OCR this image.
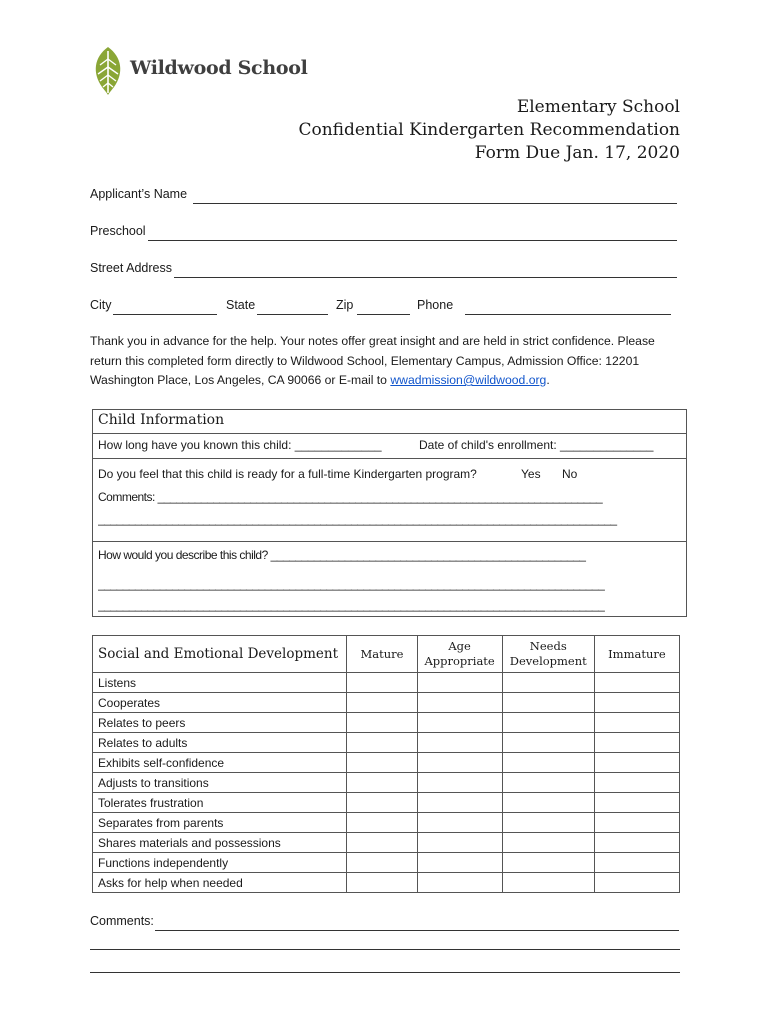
Wildwood School
Elementary School
Confidential Kindergarten Recommendation
Form Due Jan. 17, 2020
Applicant’s Name
Preschool
Street Address
City	State	Zip	Phone
Thank you in advance for the help. Your notes offer great insight and are held in strict confidence. Please return this completed form directly to Wildwood School, Elementary Campus, Admission Office: 12201 Washington Place, Los Angeles, CA 90066 or E-mail to wwadmission@wildwood.org.
Child Information
How long have you known this child: _____________	Date of child's enrollment: ______________
Do you feel that this child is ready for a full-time Kindergarten program?	Yes No
Comments: ________________________________________________________________________
____________________________________________________________________________________
How would you describe this child? ___________________________________________________
__________________________________________________________________________________
__________________________________________________________________________________
Social and Emotional Development	Mature	Age Appropriate	Needs Development	Immature
Listens				
Cooperates				
Relates to peers				
Relates to adults				
Exhibits self-confidence				
Adjusts to transitions				
Tolerates frustration				
Separates from parents				
Shares materials and possessions				
Functions independently				
Asks for help when needed				
Comments:
